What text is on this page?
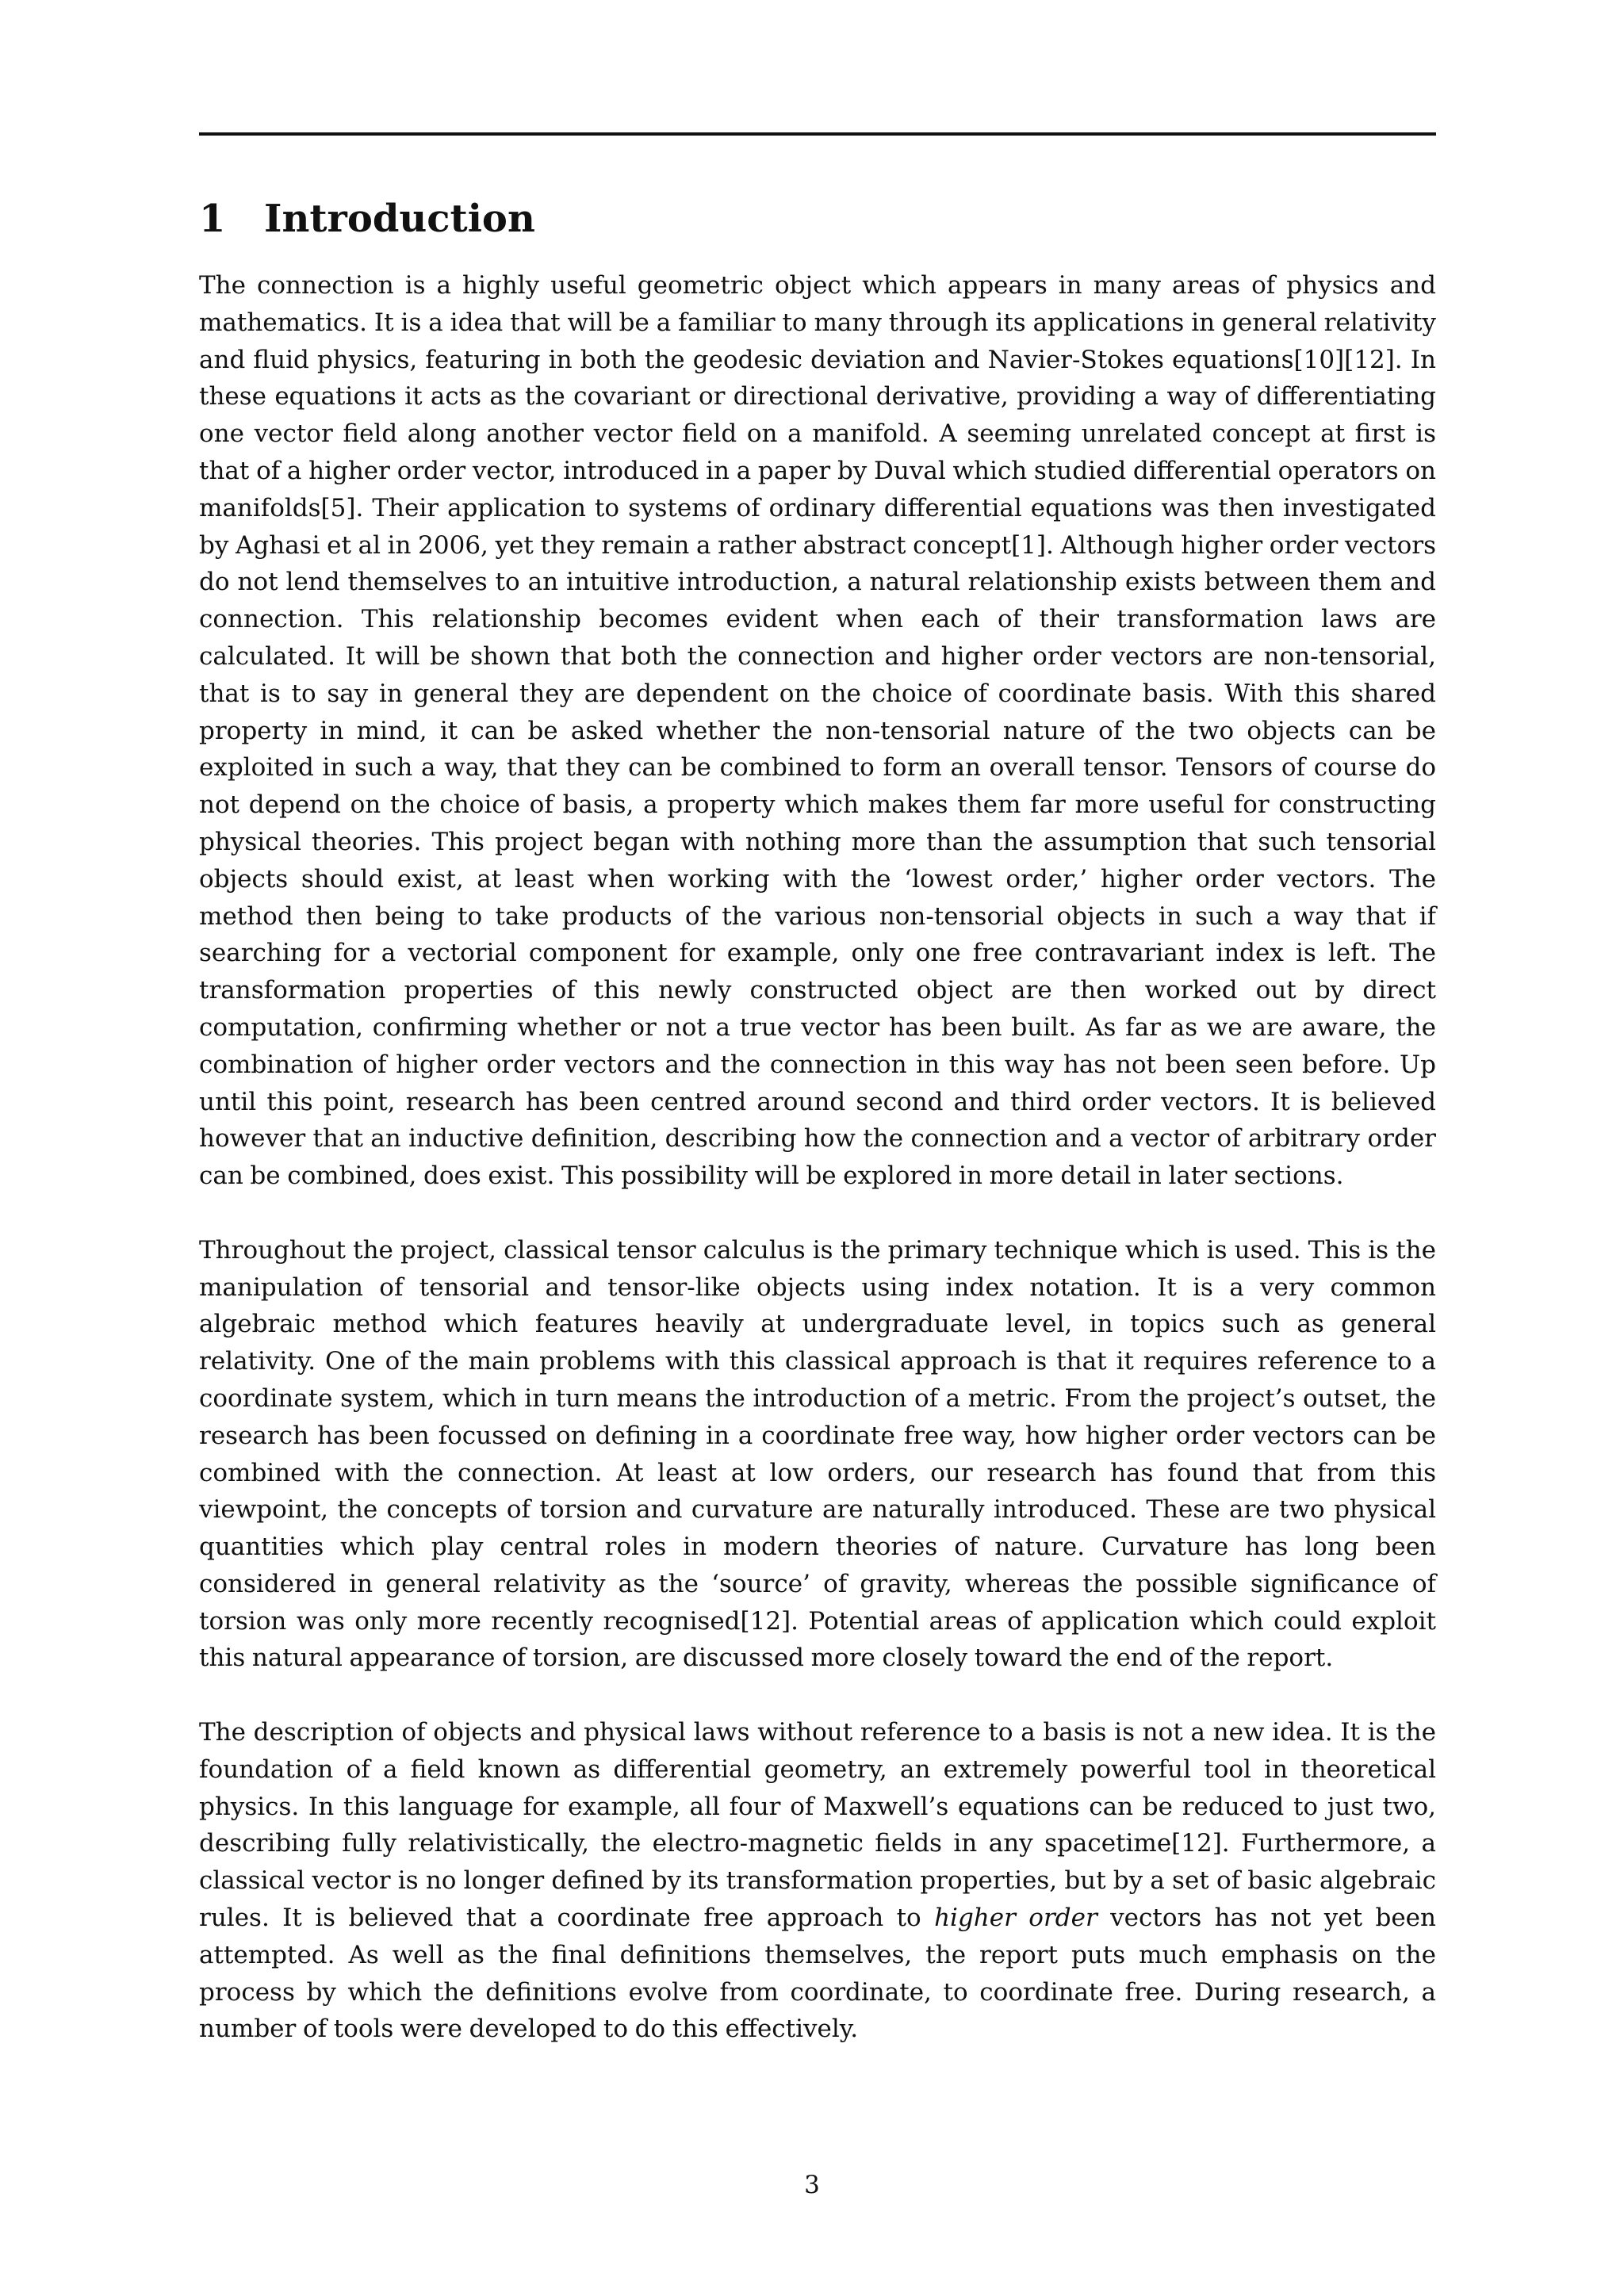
1 Introduction

The connection is a highly useful geometric object which appears in many areas of physics and mathematics. It is a idea that will be a familiar to many through its applications in general relativity and fluid physics, featuring in both the geodesic deviation and Navier-Stokes equations[10][12]. In these equations it acts as the covariant or directional derivative, providing a way of differentiating one vector field along another vector field on a manifold. A seeming unrelated concept at first is that of a higher order vector, introduced in a paper by Duval which studied differential operators on manifolds[5]. Their application to systems of ordinary differential equations was then investigated by Aghasi et al in 2006, yet they remain a rather abstract concept[1]. Although higher order vectors do not lend themselves to an intuitive introduction, a natural relationship exists between them and connection. This relationship becomes evident when each of their transformation laws are calculated. It will be shown that both the connection and higher order vectors are non-tensorial, that is to say in general they are dependent on the choice of coordinate basis. With this shared property in mind, it can be asked whether the non-tensorial nature of the two objects can be exploited in such a way, that they can be combined to form an overall tensor. Tensors of course do not depend on the choice of basis, a property which makes them far more useful for constructing physical theories. This project began with nothing more than the assumption that such tensorial objects should exist, at least when working with the ‘lowest order,’ higher order vectors. The method then being to take products of the various non-tensorial objects in such a way that if searching for a vectorial component for example, only one free contravariant index is left. The transformation properties of this newly constructed object are then worked out by direct computation, confirming whether or not a true vector has been built. As far as we are aware, the combination of higher order vectors and the connection in this way has not been seen before. Up until this point, research has been centred around second and third order vectors. It is believed however that an inductive definition, describing how the connection and a vector of arbitrary order can be combined, does exist. This possibility will be explored in more detail in later sections.

Throughout the project, classical tensor calculus is the primary technique which is used. This is the manipulation of tensorial and tensor-like objects using index notation. It is a very common algebraic method which features heavily at undergraduate level, in topics such as general relativity. One of the main problems with this classical approach is that it requires reference to a coordinate system, which in turn means the introduction of a metric. From the project’s outset, the research has been focussed on defining in a coordinate free way, how higher order vectors can be combined with the connection. At least at low orders, our research has found that from this viewpoint, the concepts of torsion and curvature are naturally introduced. These are two physical quantities which play central roles in modern theories of nature. Curvature has long been considered in general relativity as the ‘source’ of gravity, whereas the possible significance of torsion was only more recently recognised[12]. Potential areas of application which could exploit this natural appearance of torsion, are discussed more closely toward the end of the report.

The description of objects and physical laws without reference to a basis is not a new idea. It is the foundation of a field known as differential geometry, an extremely powerful tool in theoretical physics. In this language for example, all four of Maxwell’s equations can be reduced to just two, describing fully relativistically, the electro-magnetic fields in any spacetime[12]. Furthermore, a classical vector is no longer defined by its transformation properties, but by a set of basic algebraic rules. It is believed that a coordinate free approach to higher order vectors has not yet been attempted. As well as the final definitions themselves, the report puts much emphasis on the process by which the definitions evolve from coordinate, to coordinate free. During research, a number of tools were developed to do this effectively.

3
